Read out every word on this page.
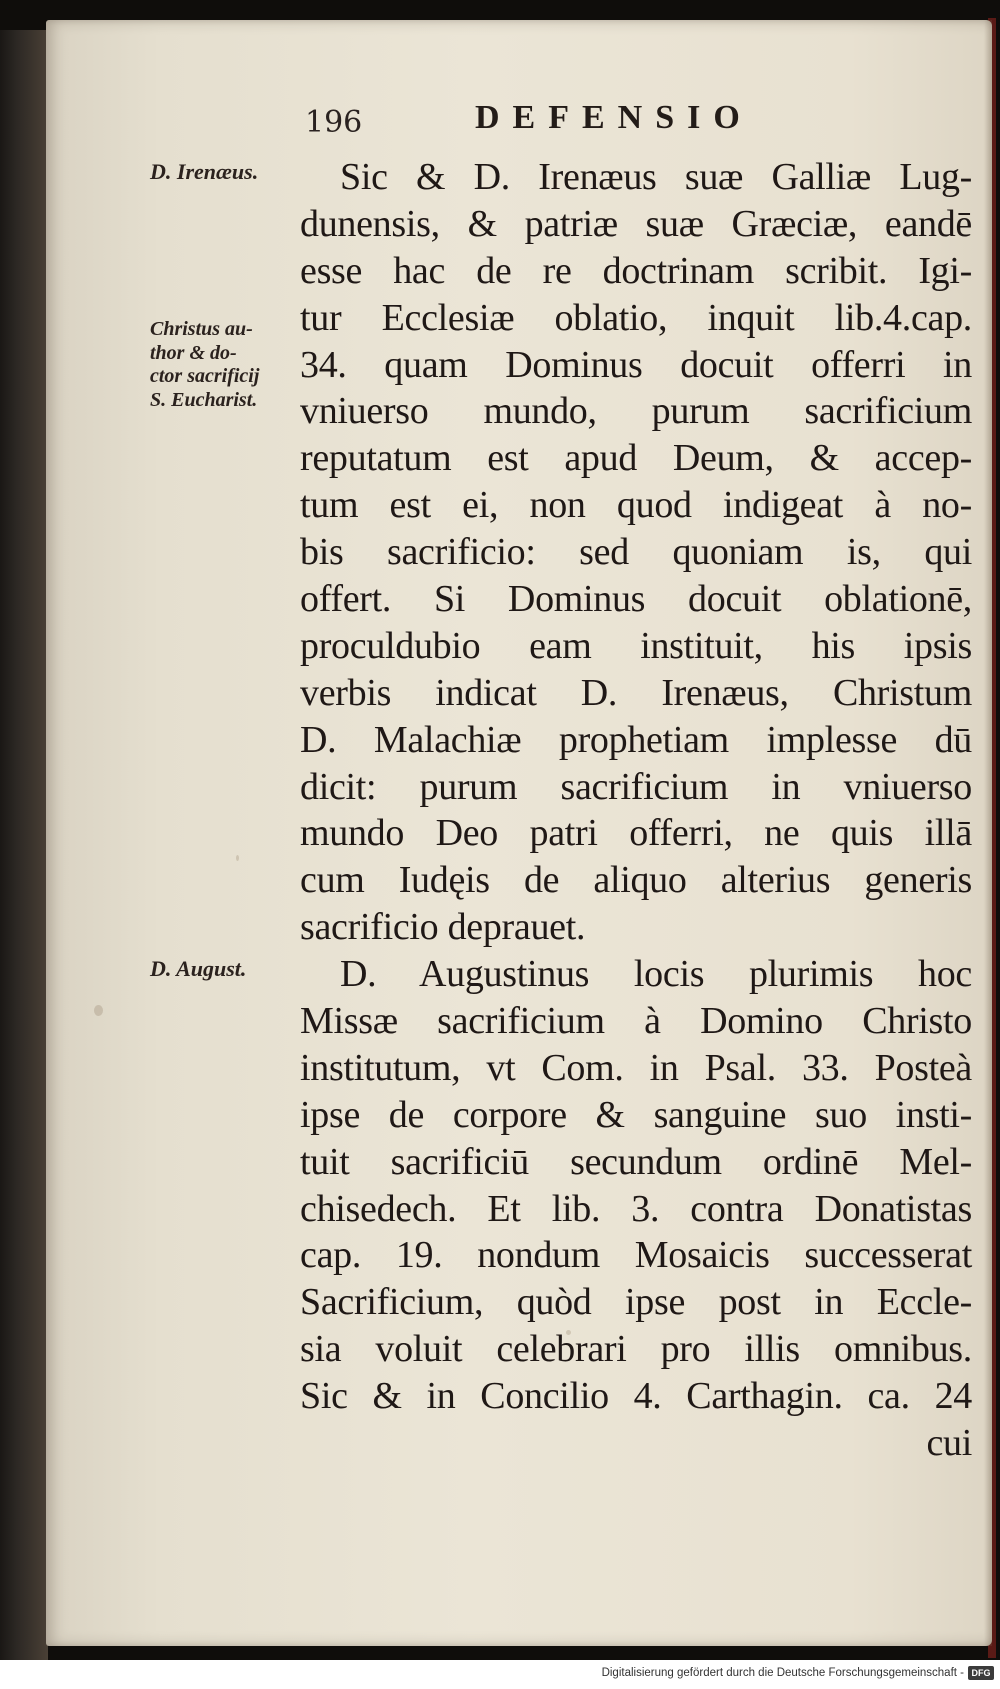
196	DEFENSIO
D. Irenæus.
Christus au-
thor & do-
ctor sacrificij
S. Eucharist.
D. August.
Sic & D. Irenæus suæ Galliæ Lug-
dunensis, & patriæ suæ Græciæ, eandē
esse hac de re doctrinam scribit. Igi-
tur Ecclesiæ oblatio, inquit lib.4.cap.
34. quam Dominus docuit offerri in
vniuerso mundo, purum sacrificium
reputatum est apud Deum, & accep-
tum est ei, non quod indigeat à no-
bis sacrificio: sed quoniam is, qui
offert. Si Dominus docuit oblationē,
proculdubio eam instituit, his ipsis
verbis indicat D. Irenæus, Christum
D. Malachiæ prophetiam implesse dū
dicit: purum sacrificium in vniuerso
mundo Deo patri offerri, ne quis illā
cum Iudęis de aliquo alterius generis
sacrificio deprauet.
D. Augustinus locis plurimis hoc
Missæ sacrificium à Domino Christo
institutum, vt Com. in Psal. 33. Posteà
ipse de corpore & sanguine suo insti-
tuit sacrificiū secundum ordinē Mel-
chisedech. Et lib. 3. contra Donatistas
cap. 19. nondum Mosaicis successerat
Sacrificium, quòd ipse post in Eccle-
sia voluit celebrari pro illis omnibus.
Sic & in Concilio 4. Carthagin. ca. 24
cui
Digitalisierung gefördert durch die Deutsche Forschungsgemeinschaft - DFG
